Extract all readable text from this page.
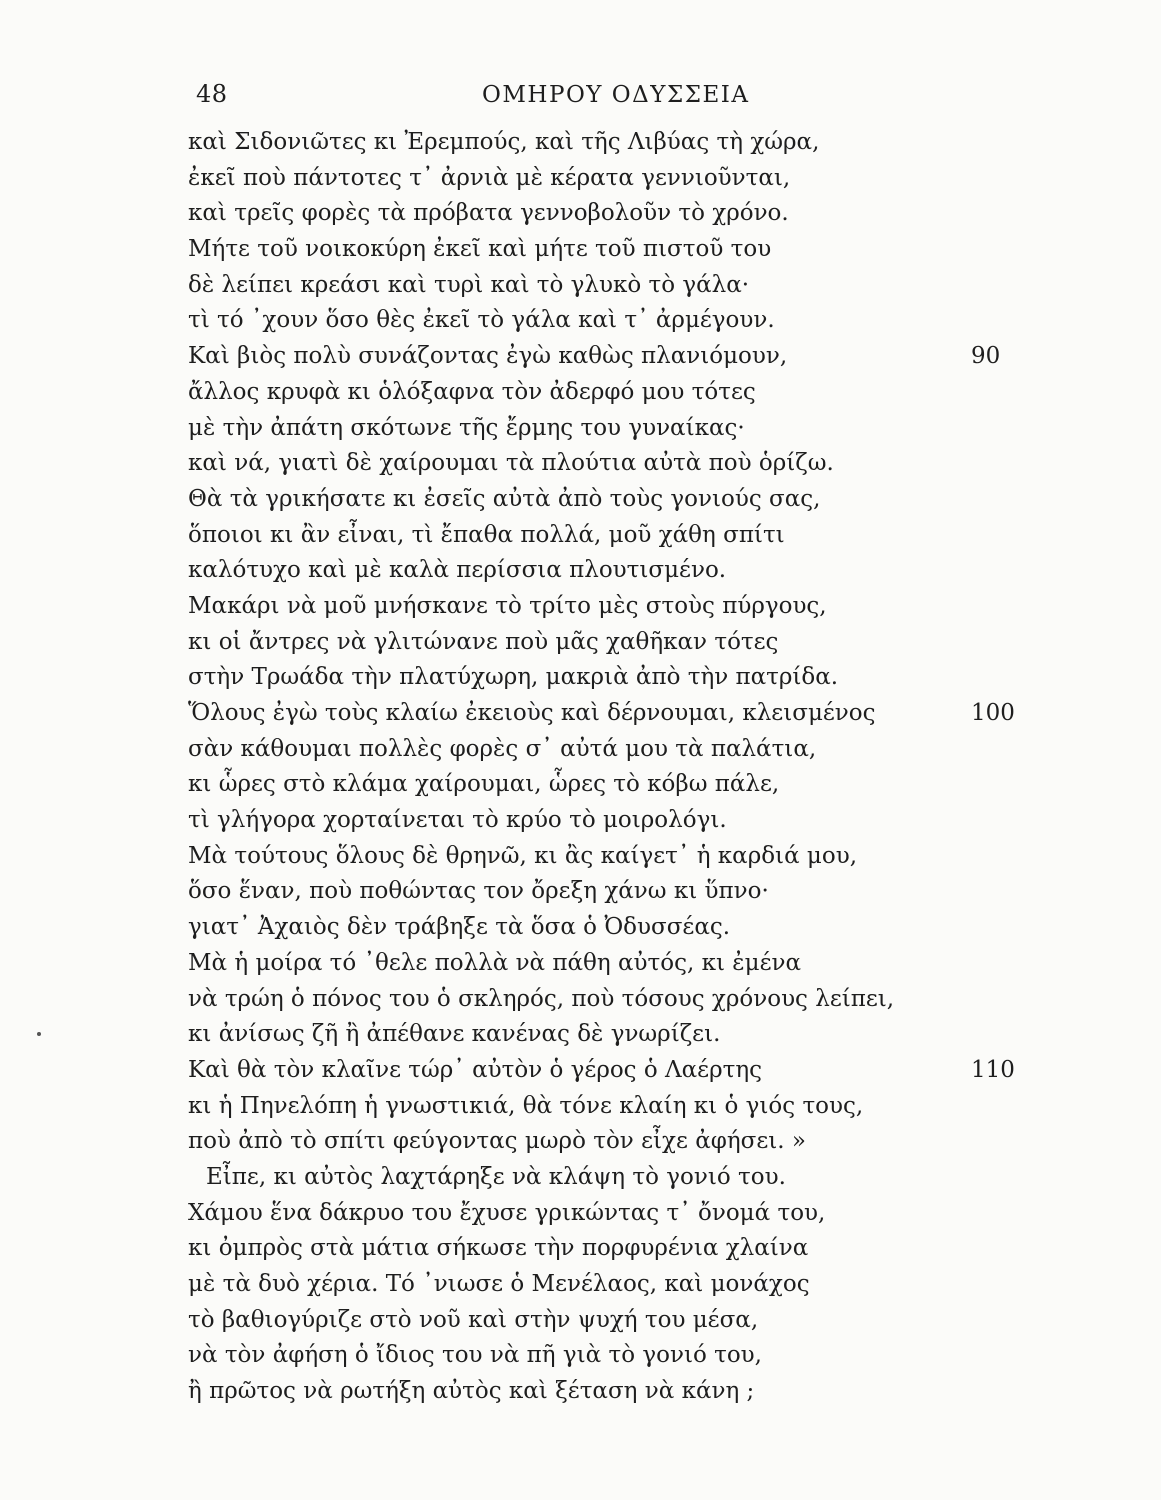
48	ΟΜΗΡΟΥ ΟΔΥΣΣΕΙΑ
καὶ Σιδονιῶτες κι Ἐρεμπούς, καὶ τῆς Λιβύας τὴ χώρα,
ἐκεῖ ποὺ πάντοτες τ᾽ ἀρνιὰ μὲ κέρατα γεννιοῦνται,
καὶ τρεῖς φορὲς τὰ πρόβατα γεννοβολοῦν τὸ χρόνο.
Μήτε τοῦ νοικοκύρη ἐκεῖ καὶ μήτε τοῦ πιστοῦ του
δὲ λείπει κρεάσι καὶ τυρὶ καὶ τὸ γλυκὸ τὸ γάλα·
τὶ τό ᾽χουν ὅσο θὲς ἐκεῖ τὸ γάλα καὶ τ᾽ ἀρμέγουν.
Καὶ βιὸς πολὺ συνάζοντας ἐγὼ καθὼς πλανιόμουν,	90
ἄλλος κρυφὰ κι ὁλόξαφνα τὸν ἀδερφό μου τότες
μὲ τὴν ἀπάτη σκότωνε τῆς ἔρμης του γυναίκας·
καὶ νά, γιατὶ δὲ χαίρουμαι τὰ πλούτια αὐτὰ ποὺ ὁρίζω.
Θὰ τὰ γρικήσατε κι ἐσεῖς αὐτὰ ἀπὸ τοὺς γονιούς σας,
ὅποιοι κι ἂν εἶναι, τὶ ἔπαθα πολλά, μοῦ χάθη σπίτι
καλότυχο καὶ μὲ καλὰ περίσσια πλουτισμένο.
Μακάρι νὰ μοῦ μνήσκανε τὸ τρίτο μὲς στοὺς πύργους,
κι οἱ ἄντρες νὰ γλιτώνανε ποὺ μᾶς χαθῆκαν τότες
στὴν Τρωάδα τὴν πλατύχωρη, μακριὰ ἀπὸ τὴν πατρίδα.
Ὅλους ἐγὼ τοὺς κλαίω ἐκειοὺς καὶ δέρνουμαι, κλεισμένος	100
σὰν κάθουμαι πολλὲς φορὲς σ᾽ αὐτά μου τὰ παλάτια,
κι ὧρες στὸ κλάμα χαίρουμαι, ὧρες τὸ κόβω πάλε,
τὶ γλήγορα χορταίνεται τὸ κρύο τὸ μοιρολόγι.
Μὰ τούτους ὅλους δὲ θρηνῶ, κι ἂς καίγετ᾽ ἡ καρδιά μου,
ὅσο ἕναν, ποὺ ποθώντας τον ὄρεξη χάνω κι ὕπνο·
γιατ᾽ Ἀχαιὸς δὲν τράβηξε τὰ ὅσα ὁ Ὀδυσσέας.
Μὰ ἡ μοίρα τό ᾽θελε πολλὰ νὰ πάθη αὐτός, κι ἐμένα
νὰ τρώη ὁ πόνος του ὁ σκληρός, ποὺ τόσους χρόνους λείπει,
κι ἀνίσως ζῆ ἢ ἀπέθανε κανένας δὲ γνωρίζει.
Καὶ θὰ τὸν κλαῖνε τώρ᾽ αὐτὸν ὁ γέρος ὁ Λαέρτης	110
κι ἡ Πηνελόπη ἡ γνωστικιά, θὰ τόνε κλαίη κι ὁ γιός τους,
ποὺ ἀπὸ τὸ σπίτι φεύγοντας μωρὸ τὸν εἶχε ἀφήσει. »
Εἶπε, κι αὐτὸς λαχτάρηξε νὰ κλάψη τὸ γονιό του.
Χάμου ἕνα δάκρυο του ἔχυσε γρικώντας τ᾽ ὄνομά του,
κι ὀμπρὸς στὰ μάτια σήκωσε τὴν πορφυρένια χλαίνα
μὲ τὰ δυὸ χέρια. Τό ᾽νιωσε ὁ Μενέλαος, καὶ μονάχος
τὸ βαθιογύριζε στὸ νοῦ καὶ στὴν ψυχή του μέσα,
νὰ τὸν ἀφήση ὁ ἴδιος του νὰ πῆ γιὰ τὸ γονιό του,
ἢ πρῶτος νὰ ρωτήξη αὐτὸς καὶ ξέταση νὰ κάνη ;
